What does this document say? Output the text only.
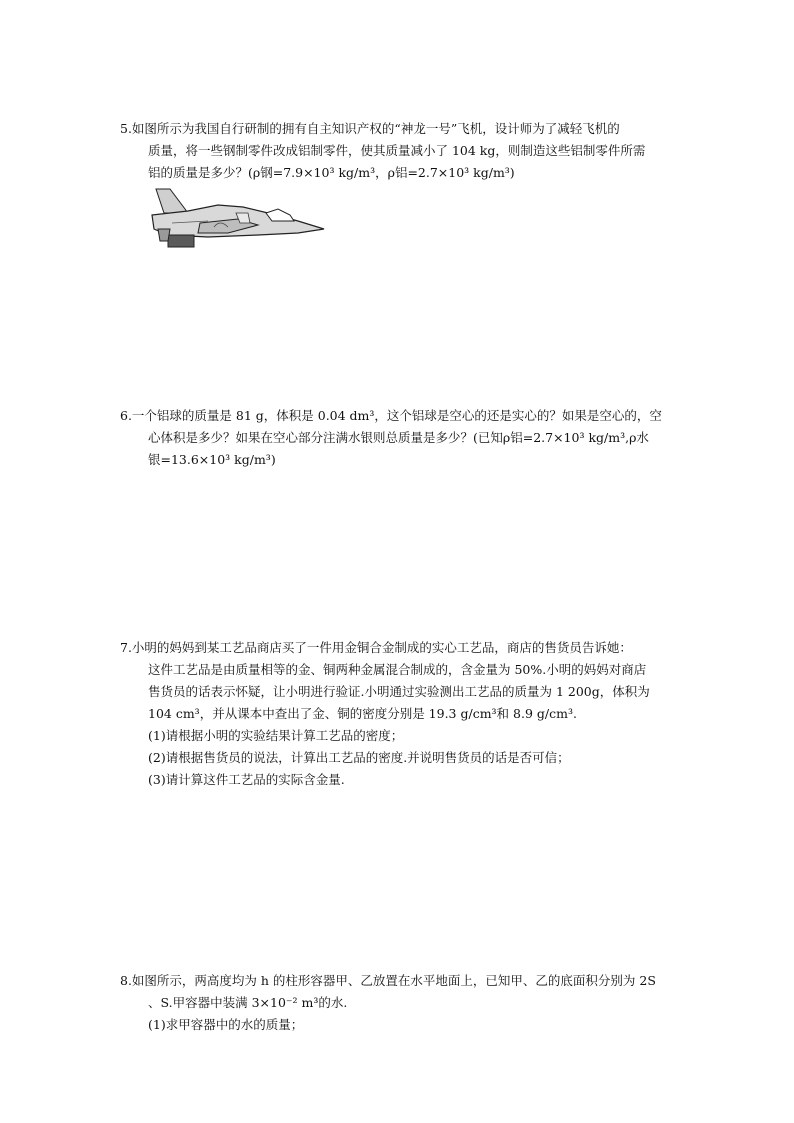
5.如图所示为我国自行研制的拥有自主知识产权的“神龙一号”飞机，设计师为了减轻飞机的
质量，将一些钢制零件改成铝制零件，使其质量减小了 104 kg，则制造这些铝制零件所需
铝的质量是多少？(ρ钢=7.9×10³ kg/m³，ρ铝=2.7×10³ kg/m³)
6.一个铝球的质量是 81 g，体积是 0.04 dm³，这个铝球是空心的还是实心的？如果是空心的，空
心体积是多少？如果在空心部分注满水银则总质量是多少？(已知ρ铝=2.7×10³ kg/m³,ρ水
银=13.6×10³ kg/m³)
7.小明的妈妈到某工艺品商店买了一件用金铜合金制成的实心工艺品，商店的售货员告诉她：
这件工艺品是由质量相等的金、铜两种金属混合制成的，含金量为 50%.小明的妈妈对商店
售货员的话表示怀疑，让小明进行验证.小明通过实验测出工艺品的质量为 1 200g，体积为
104 cm³，并从课本中查出了金、铜的密度分别是 19.3 g/cm³和 8.9 g/cm³.
(1)请根据小明的实验结果计算工艺品的密度；
(2)请根据售货员的说法，计算出工艺品的密度.并说明售货员的话是否可信；
(3)请计算这件工艺品的实际含金量.
8.如图所示，两高度均为 h 的柱形容器甲、乙放置在水平地面上，已知甲、乙的底面积分别为 2S
、S.甲容器中装满 3×10⁻² m³的水.
(1)求甲容器中的水的质量；
